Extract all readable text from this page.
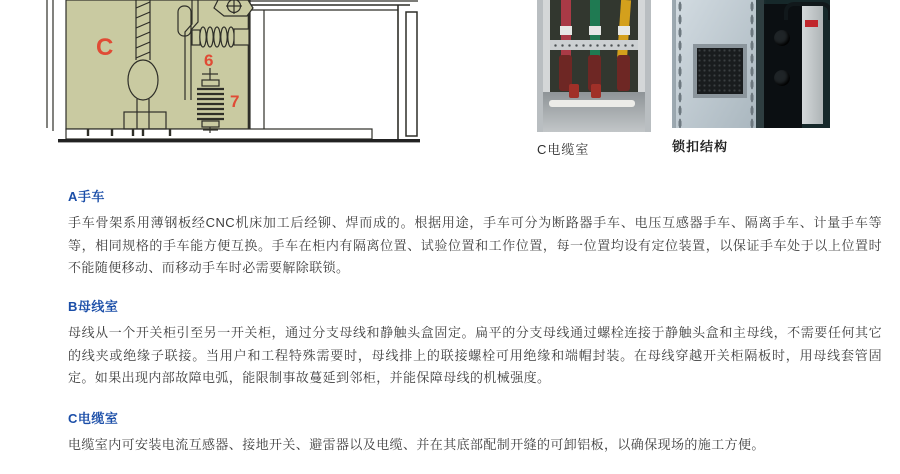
C	6
7
C电缆室	锁扣结构
A手车

手车骨架系用薄钢板经CNC机床加工后经铆、焊而成的。根据用途，手车可分为断路器手车、电压互感器手车、隔离手车、计量手车等等，相同规格的手车能方便互换。手车在柜内有隔离位置、试验位置和工作位置，每一位置均设有定位装置，以保证手车处于以上位置时不能随便移动、而移动手车时必需要解除联锁。

B母线室

母线从一个开关柜引至另一开关柜，通过分支母线和静触头盒固定。扁平的分支母线通过螺栓连接于静触头盒和主母线，不需要任何其它的线夹或绝缘子联接。当用户和工程特殊需要时，母线排上的联接螺栓可用绝缘和端帽封装。在母线穿越开关柜隔板时，用母线套管固定。如果出现内部故障电弧，能限制事故蔓延到邻柜，并能保障母线的机械强度。

C电缆室

电缆室内可安装电流互感器、接地开关、避雷器以及电缆、并在其底部配制开缝的可卸铝板，以确保现场的施工方便。
